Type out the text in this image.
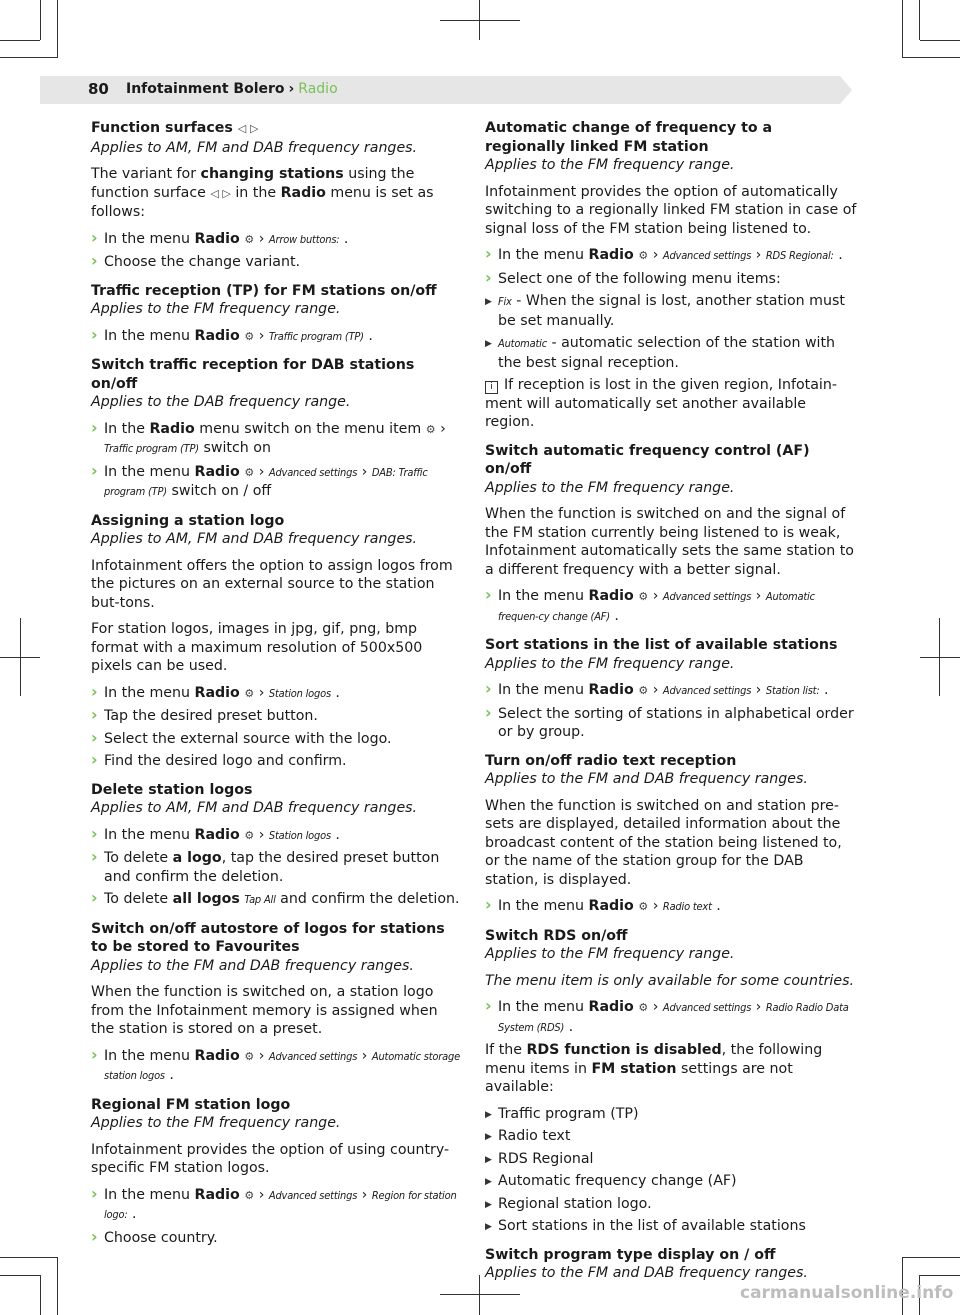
80 Infotainment Bolero › Radio
Function surfaces ◁ ▷
Applies to AM, FM and DAB frequency ranges.
The variant for changing stations using the function surface ◁ ▷ in the Radio menu is set as follows:
› In the menu Radio ⚙ › Arrow buttons: .
› Choose the change variant.
Traffic reception (TP) for FM stations on/off
Applies to the FM frequency range.
› In the menu Radio ⚙ › Traffic program (TP) .
Switch traffic reception for DAB stations on/off
Applies to the DAB frequency range.
› In the Radio menu switch on the menu item ⚙ › Traffic program (TP) switch on
› In the menu Radio ⚙ › Advanced settings › DAB: Traffic program (TP) switch on / off
Assigning a station logo
Applies to AM, FM and DAB frequency ranges.
Infotainment offers the option to assign logos from the pictures on an external source to the station but-tons.
For station logos, images in jpg, gif, png, bmp format with a maximum resolution of 500x500 pixels can be used.
› In the menu Radio ⚙ › Station logos .
› Tap the desired preset button.
› Select the external source with the logo.
› Find the desired logo and confirm.
Delete station logos
Applies to AM, FM and DAB frequency ranges.
› In the menu Radio ⚙ › Station logos .
› To delete a logo, tap the desired preset button and confirm the deletion.
› To delete all logos Tap All and confirm the deletion.
Switch on/off autostore of logos for stations to be stored to Favourites
Applies to the FM and DAB frequency ranges.
When the function is switched on, a station logo from the Infotainment memory is assigned when the station is stored on a preset.
› In the menu Radio ⚙ › Advanced settings › Automatic storage station logos .
Regional FM station logo
Applies to the FM frequency range.
Infotainment provides the option of using country-specific FM station logos.
› In the menu Radio ⚙ › Advanced settings › Region for station logo: .
› Choose country.
Automatic change of frequency to a regionally linked FM station
Applies to the FM frequency range.
Infotainment provides the option of automatically switching to a regionally linked FM station in case of signal loss of the FM station being listened to.
› In the menu Radio ⚙ › Advanced settings › RDS Regional: .
› Select one of the following menu items:
▶ Fix - When the signal is lost, another station must be set manually.
▶ Automatic - automatic selection of the station with the best signal reception.
i If reception is lost in the given region, Infotain-ment will automatically set another available region.
Switch automatic frequency control (AF) on/off
Applies to the FM frequency range.
When the function is switched on and the signal of the FM station currently being listened to is weak, Infotainment automatically sets the same station to a different frequency with a better signal.
› In the menu Radio ⚙ › Advanced settings › Automatic frequen-cy change (AF) .
Sort stations in the list of available stations
Applies to the FM frequency range.
› In the menu Radio ⚙ › Advanced settings › Station list: .
› Select the sorting of stations in alphabetical order or by group.
Turn on/off radio text reception
Applies to the FM and DAB frequency ranges.
When the function is switched on and station pre-sets are displayed, detailed information about the broadcast content of the station being listened to, or the name of the station group for the DAB station, is displayed.
› In the menu Radio ⚙ › Radio text .
Switch RDS on/off
Applies to the FM frequency range.
The menu item is only available for some countries.
› In the menu Radio ⚙ › Advanced settings › Radio Radio Data System (RDS) .
If the RDS function is disabled, the following menu items in FM station settings are not available:
▶ Traffic program (TP)
▶ Radio text
▶ RDS Regional
▶ Automatic frequency change (AF)
▶ Regional station logo.
▶ Sort stations in the list of available stations
Switch program type display on / off
Applies to the FM and DAB frequency ranges.
carmanualsonline.info
